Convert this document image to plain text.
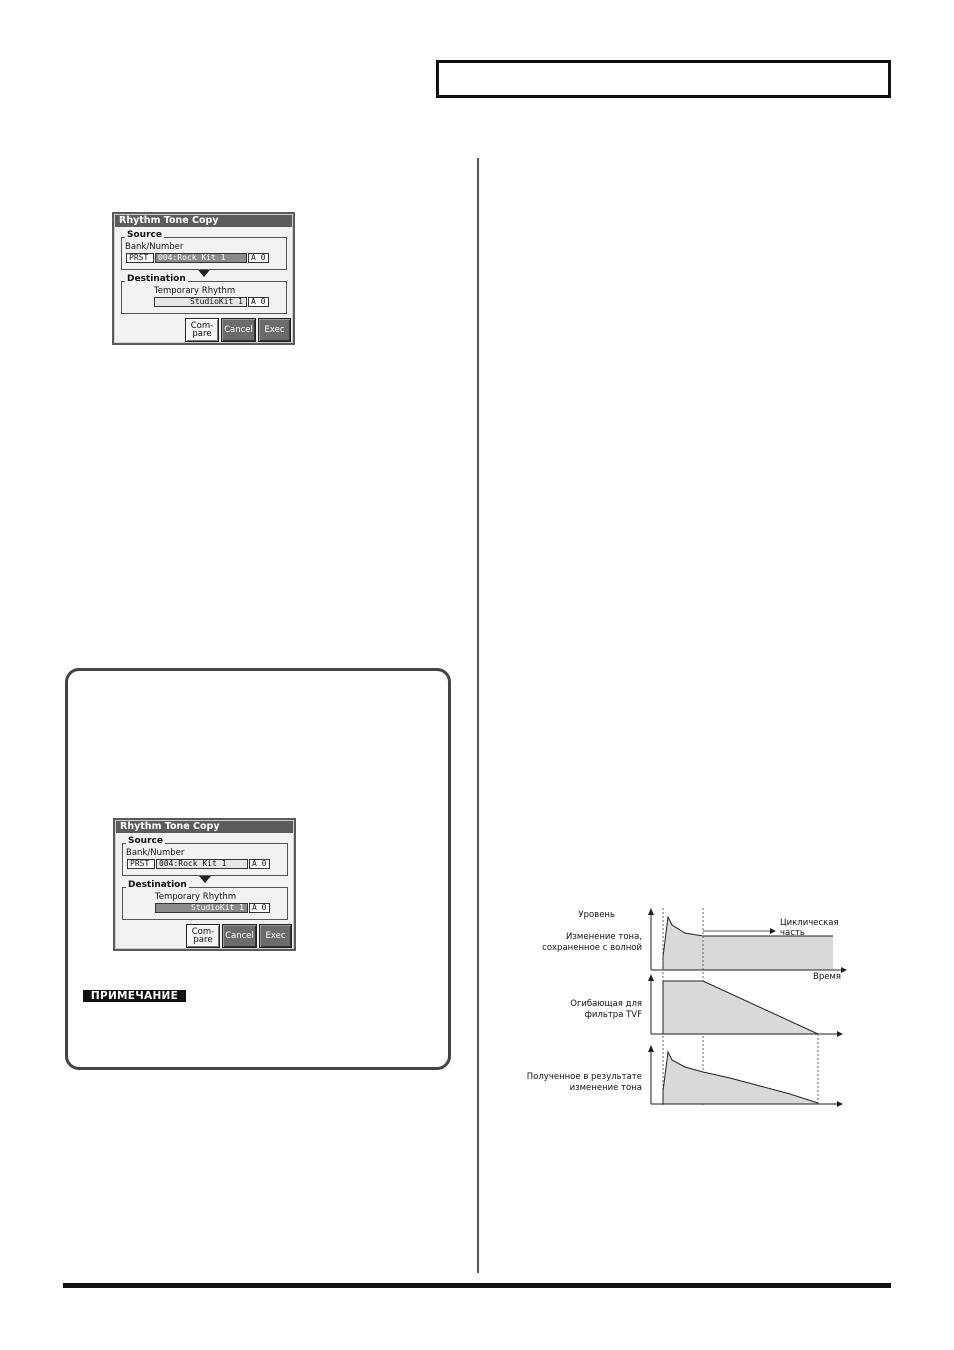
Rhythm Tone Copy
Source
Bank/Number
PRST	004:Rock Kit 1	A 0
Destination
Temporary Rhythm
StudioKit 1	A 0
Com-
pare	Cancel	Exec
Rhythm Tone Copy
Source
Bank/Number
PRST	004:Rock Kit 1	A 0
Destination
Temporary Rhythm
StudioKit 1	A 0
Com-
pare	Cancel	Exec
ПРИМЕЧАНИЕ
Уровень
Изменение тона,
сохраненное с волной
Циклическая
часть
Время
Огибающая для
фильтра TVF
Полученное в результате
изменение тона
